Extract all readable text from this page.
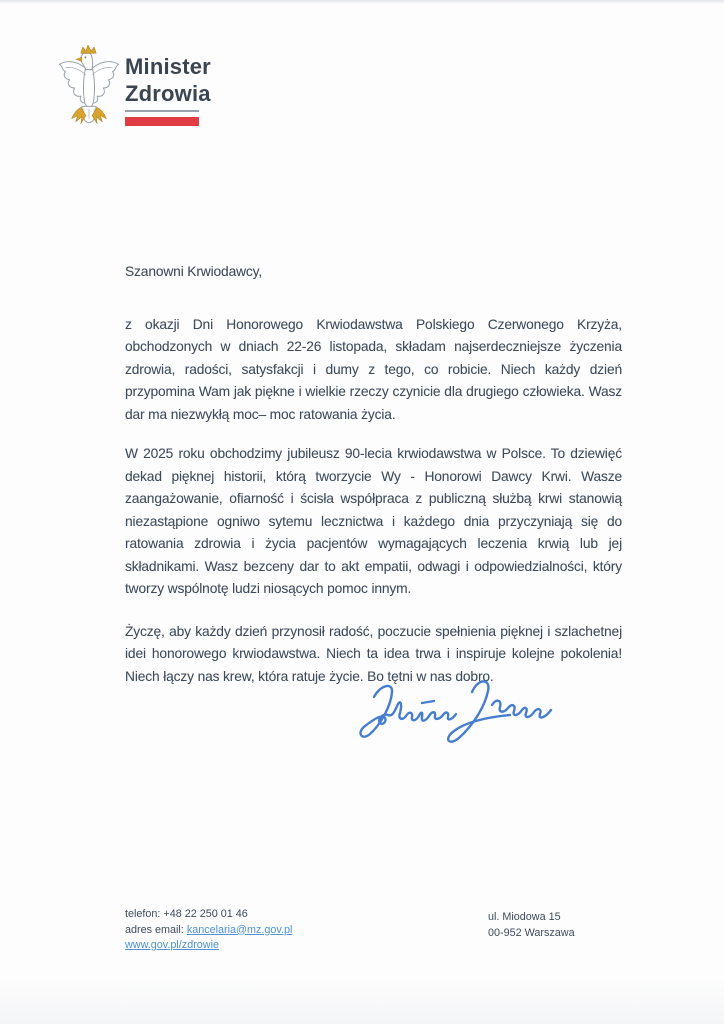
Minister
Zdrowia

Szanowni Krwiodawcy,

z okazji Dni Honorowego Krwiodawstwa Polskiego Czerwonego Krzyża, obchodzonych w dniach 22-26 listopada, składam najserdeczniejsze życzenia zdrowia, radości, satysfakcji i dumy z tego, co robicie. Niech każdy dzień przypomina Wam jak piękne i wielkie rzeczy czynicie dla drugiego człowieka. Wasz dar ma niezwykłą moc– moc ratowania życia.

W 2025 roku obchodzimy jubileusz 90-lecia krwiodawstwa w Polsce. To dziewięć dekad pięknej historii, którą tworzycie Wy - Honorowi Dawcy Krwi. Wasze zaangażowanie, ofiarność i ścisła współpraca z publiczną służbą krwi stanowią niezastąpione ogniwo sytemu lecznictwa i każdego dnia przyczyniają się do ratowania zdrowia i życia pacjentów wymagających leczenia krwią lub jej składnikami. Wasz bezceny dar to akt empatii, odwagi i odpowiedzialności, który tworzy wspólnotę ludzi niosących pomoc innym.

Życzę, aby każdy dzień przynosił radość, poczucie spełnienia pięknej i szlachetnej idei honorowego krwiodawstwa. Niech ta idea trwa i inspiruje kolejne pokolenia! Niech łączy nas krew, która ratuje życie. Bo tętni w nas dobro.

telefon: +48 22 250 01 46
adres email: kancelaria@mz.gov.pl
www.gov.pl/zdrowie
ul. Miodowa 15
00-952 Warszawa
